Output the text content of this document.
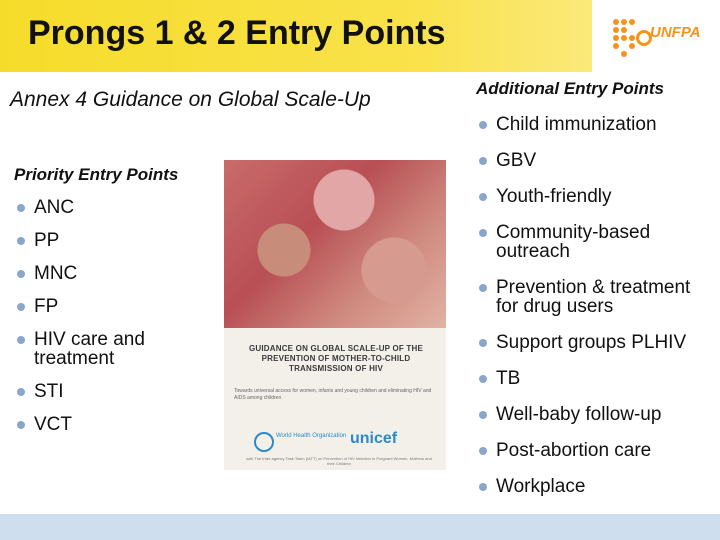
Prongs 1 & 2 Entry Points	UNFPA
Annex 4 Guidance on Global Scale-Up
Priority Entry Points
ANC
PP
MNC
FP
HIV care and treatment
STI
VCT
GUIDANCE ON GLOBAL SCALE-UP OF THE PREVENTION OF MOTHER-TO-CHILD TRANSMISSION OF HIV
Towards universal access for women, infants and young children and eliminating HIV and AIDS among children
World Health Organization unicef
with The Inter-agency Task Team (IATT) on Prevention of HIV Infection in Pregnant Women, Mothers and their Children
Additional Entry Points
Child immunization
GBV
Youth-friendly
Community-based outreach
Prevention & treatment for drug users
Support groups PLHIV
TB
Well-baby follow-up
Post-abortion care
Workplace
